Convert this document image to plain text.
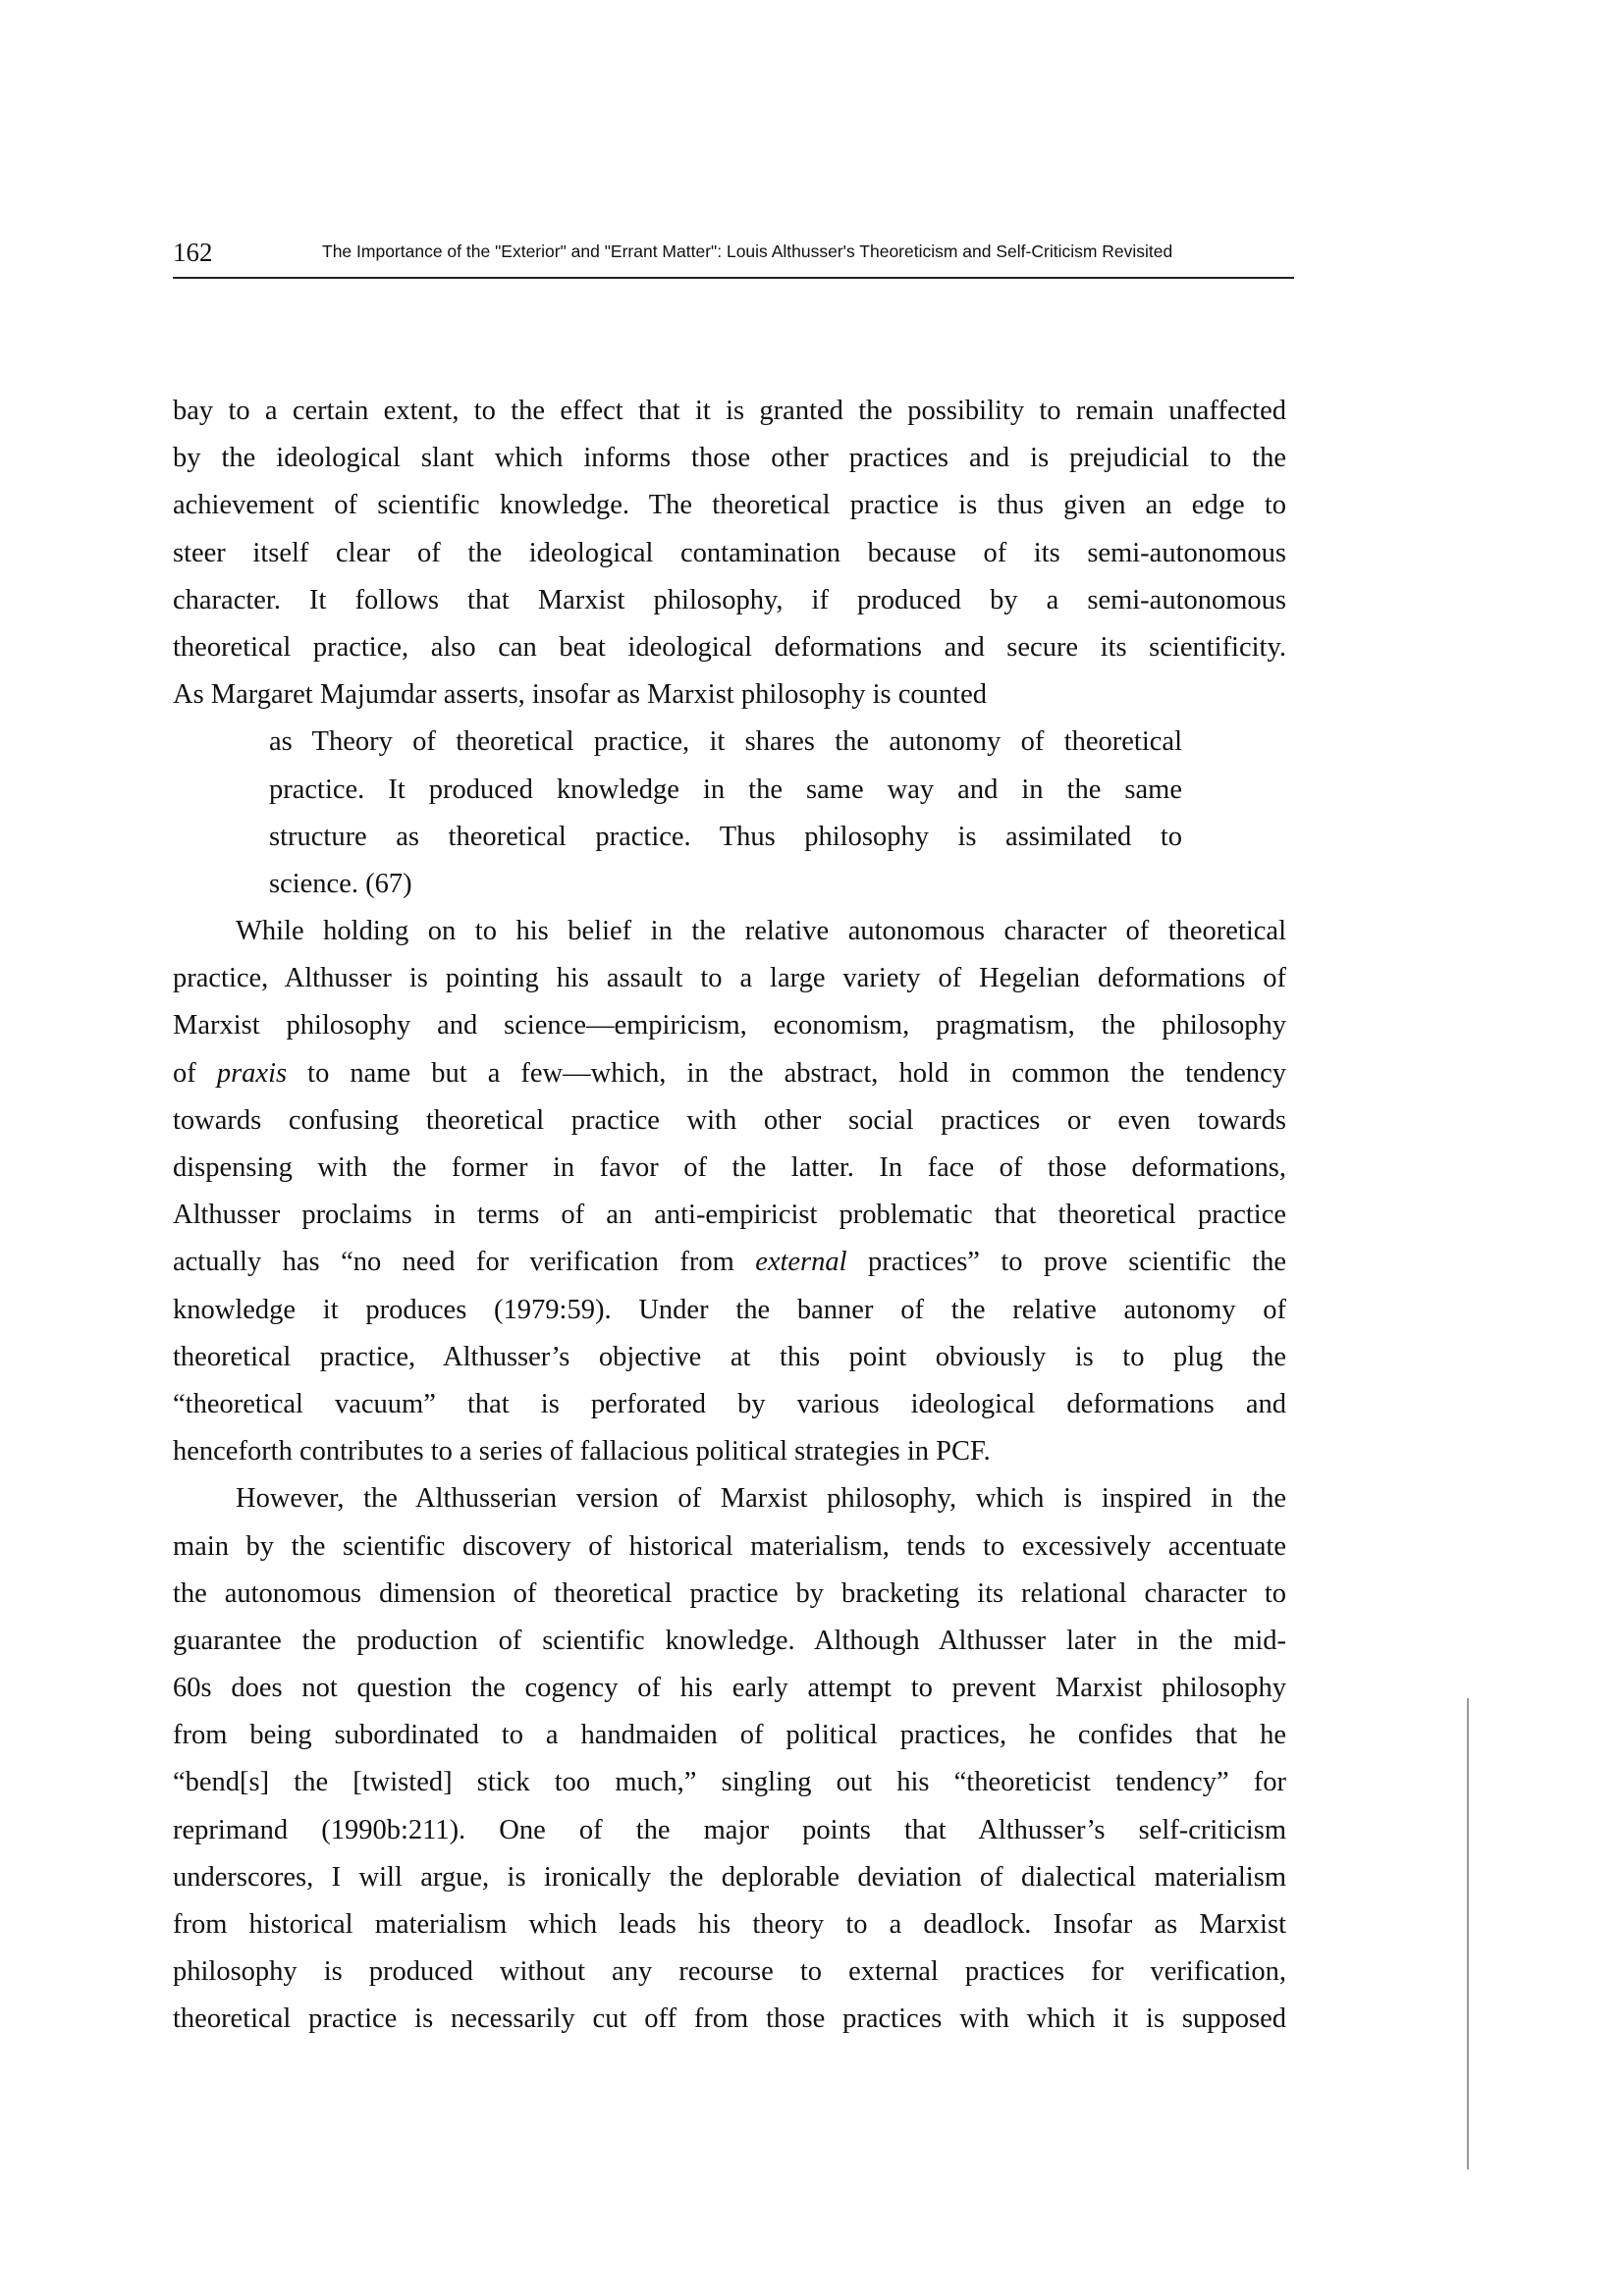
162	The Importance of the "Exterior" and "Errant Matter": Louis Althusser's Theoreticism and Self-Criticism Revisited
bay to a certain extent, to the effect that it is granted the possibility to remain unaffected
by the ideological slant which informs those other practices and is prejudicial to the
achievement of scientific knowledge. The theoretical practice is thus given an edge to
steer itself clear of the ideological contamination because of its semi-autonomous
character. It follows that Marxist philosophy, if produced by a semi-autonomous
theoretical practice, also can beat ideological deformations and secure its scientificity.
As Margaret Majumdar asserts, insofar as Marxist philosophy is counted
as Theory of theoretical practice, it shares the autonomy of theoretical
practice. It produced knowledge in the same way and in the same
structure as theoretical practice. Thus philosophy is assimilated to
science. (67)
While holding on to his belief in the relative autonomous character of theoretical
practice, Althusser is pointing his assault to a large variety of Hegelian deformations of
Marxist philosophy and science—empiricism, economism, pragmatism, the philosophy
of praxis to name but a few—which, in the abstract, hold in common the tendency
towards confusing theoretical practice with other social practices or even towards
dispensing with the former in favor of the latter. In face of those deformations,
Althusser proclaims in terms of an anti-empiricist problematic that theoretical practice
actually has “no need for verification from external practices” to prove scientific the
knowledge it produces (1979:59). Under the banner of the relative autonomy of
theoretical practice, Althusser’s objective at this point obviously is to plug the
“theoretical vacuum” that is perforated by various ideological deformations and
henceforth contributes to a series of fallacious political strategies in PCF.
However, the Althusserian version of Marxist philosophy, which is inspired in the
main by the scientific discovery of historical materialism, tends to excessively accentuate
the autonomous dimension of theoretical practice by bracketing its relational character to
guarantee the production of scientific knowledge. Although Althusser later in the mid-
60s does not question the cogency of his early attempt to prevent Marxist philosophy
from being subordinated to a handmaiden of political practices, he confides that he
“bend[s] the [twisted] stick too much,” singling out his “theoreticist tendency” for
reprimand (1990b:211). One of the major points that Althusser’s self-criticism
underscores, I will argue, is ironically the deplorable deviation of dialectical materialism
from historical materialism which leads his theory to a deadlock. Insofar as Marxist
philosophy is produced without any recourse to external practices for verification,
theoretical practice is necessarily cut off from those practices with which it is supposed
